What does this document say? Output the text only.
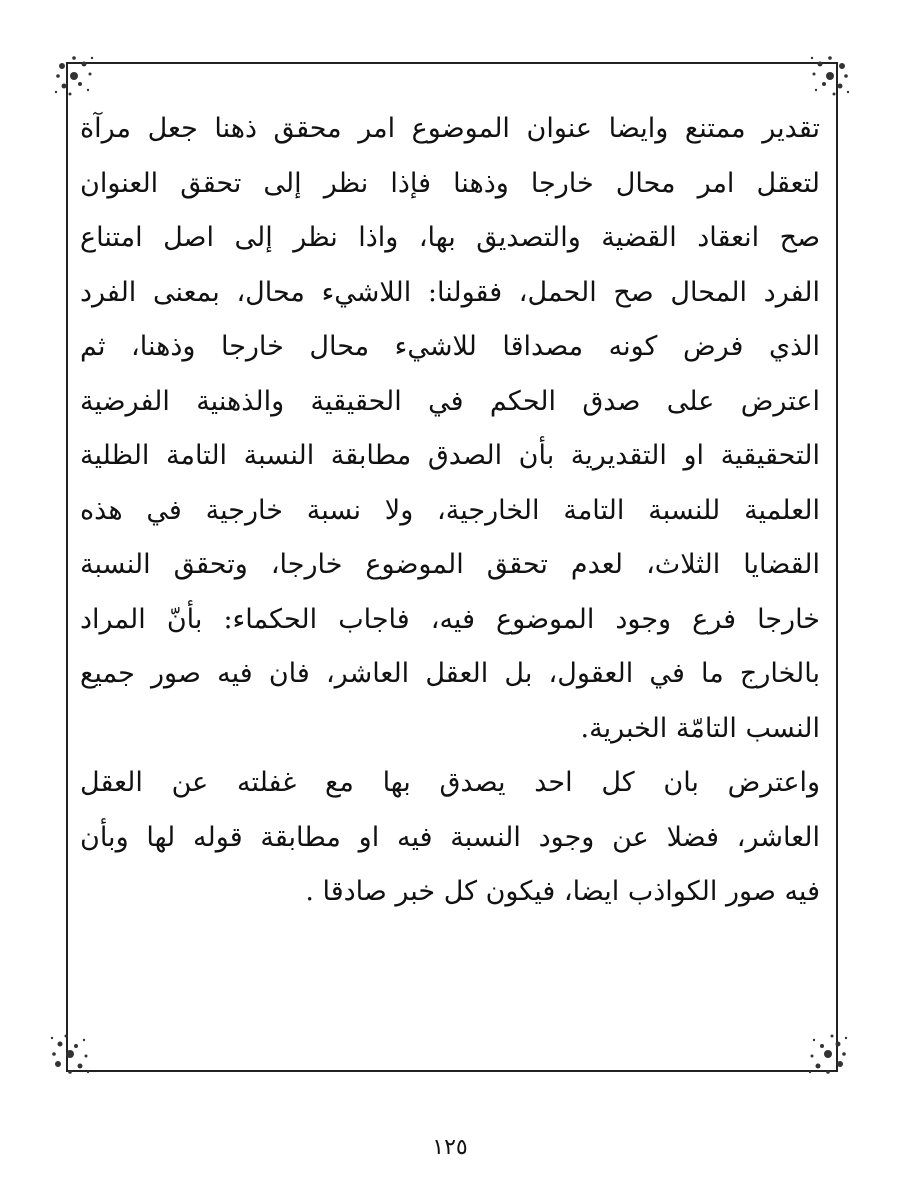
تقدير ممتنع وايضا عنوان الموضوع امر محقق ذهنا جعل مرآة
لتعقل امر محال خارجا وذهنا فإذا نظر إلى تحقق العنوان
صح انعقاد القضية والتصديق بها، واذا نظر إلى اصل امتناع
الفرد المحال صح الحمل، فقولنا: اللاشيء محال، بمعنى الفرد
الذي فرض كونه مصداقا للاشيء محال خارجا وذهنا، ثم
اعترض على صدق الحكم في الحقيقية والذهنية الفرضية
التحقيقية او التقديرية بأن الصدق مطابقة النسبة التامة الظلية
العلمية للنسبة التامة الخارجية، ولا نسبة خارجية في هذه
القضايا الثلاث، لعدم تحقق الموضوع خارجا، وتحقق النسبة
خارجا فرع وجود الموضوع فيه، فاجاب الحكماء: بأنّ المراد
بالخارج ما في العقول، بل العقل العاشر، فان فيه صور جميع
النسب التامّة الخبرية.
واعترض بان كل احد يصدق بها مع غفلته عن العقل
العاشر، فضلا عن وجود النسبة فيه او مطابقة قوله لها وبأن
فيه صور الكواذب ايضا، فيكون كل خبر صادقا .
١٢٥
